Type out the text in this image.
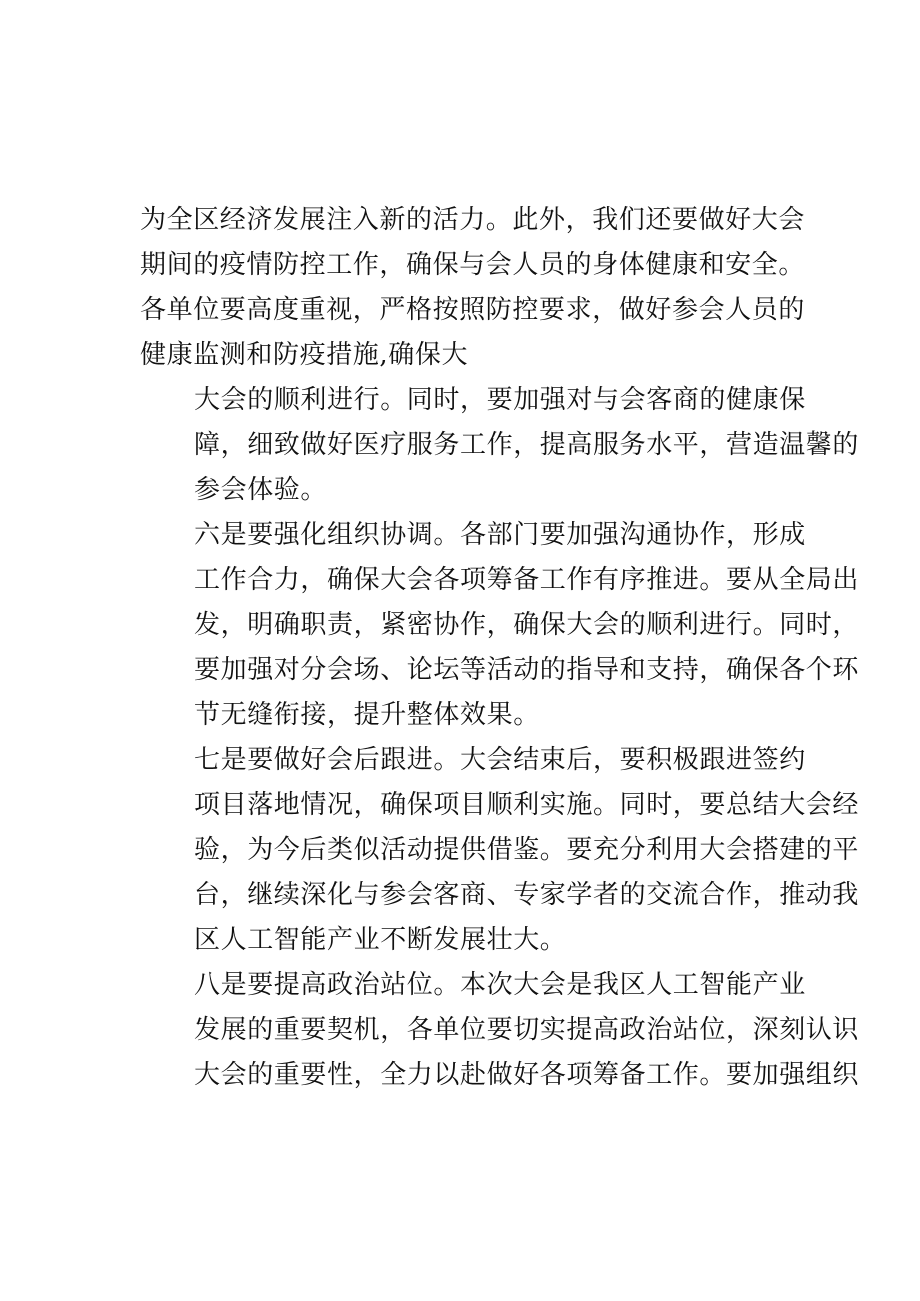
为全区经济发展注入新的活力。此外，我们还要做好大会
期间的疫情防控工作，确保与会人员的身体健康和安全。
各单位要高度重视，严格按照防控要求，做好参会人员的
健康监测和防疫措施,确保大

大会的顺利进行。同时，要加强对与会客商的健康保
障，细致做好医疗服务工作，提高服务水平，营造温馨的
参会体验。

六是要强化组织协调。各部门要加强沟通协作，形成
工作合力，确保大会各项筹备工作有序推进。要从全局出
发，明确职责，紧密协作，确保大会的顺利进行。同时，
要加强对分会场、论坛等活动的指导和支持，确保各个环
节无缝衔接，提升整体效果。

七是要做好会后跟进。大会结束后，要积极跟进签约
项目落地情况，确保项目顺利实施。同时，要总结大会经
验，为今后类似活动提供借鉴。要充分利用大会搭建的平
台，继续深化与参会客商、专家学者的交流合作，推动我
区人工智能产业不断发展壮大。

八是要提高政治站位。本次大会是我区人工智能产业
发展的重要契机，各单位要切实提高政治站位，深刻认识
大会的重要性，全力以赴做好各项筹备工作。要加强组织
